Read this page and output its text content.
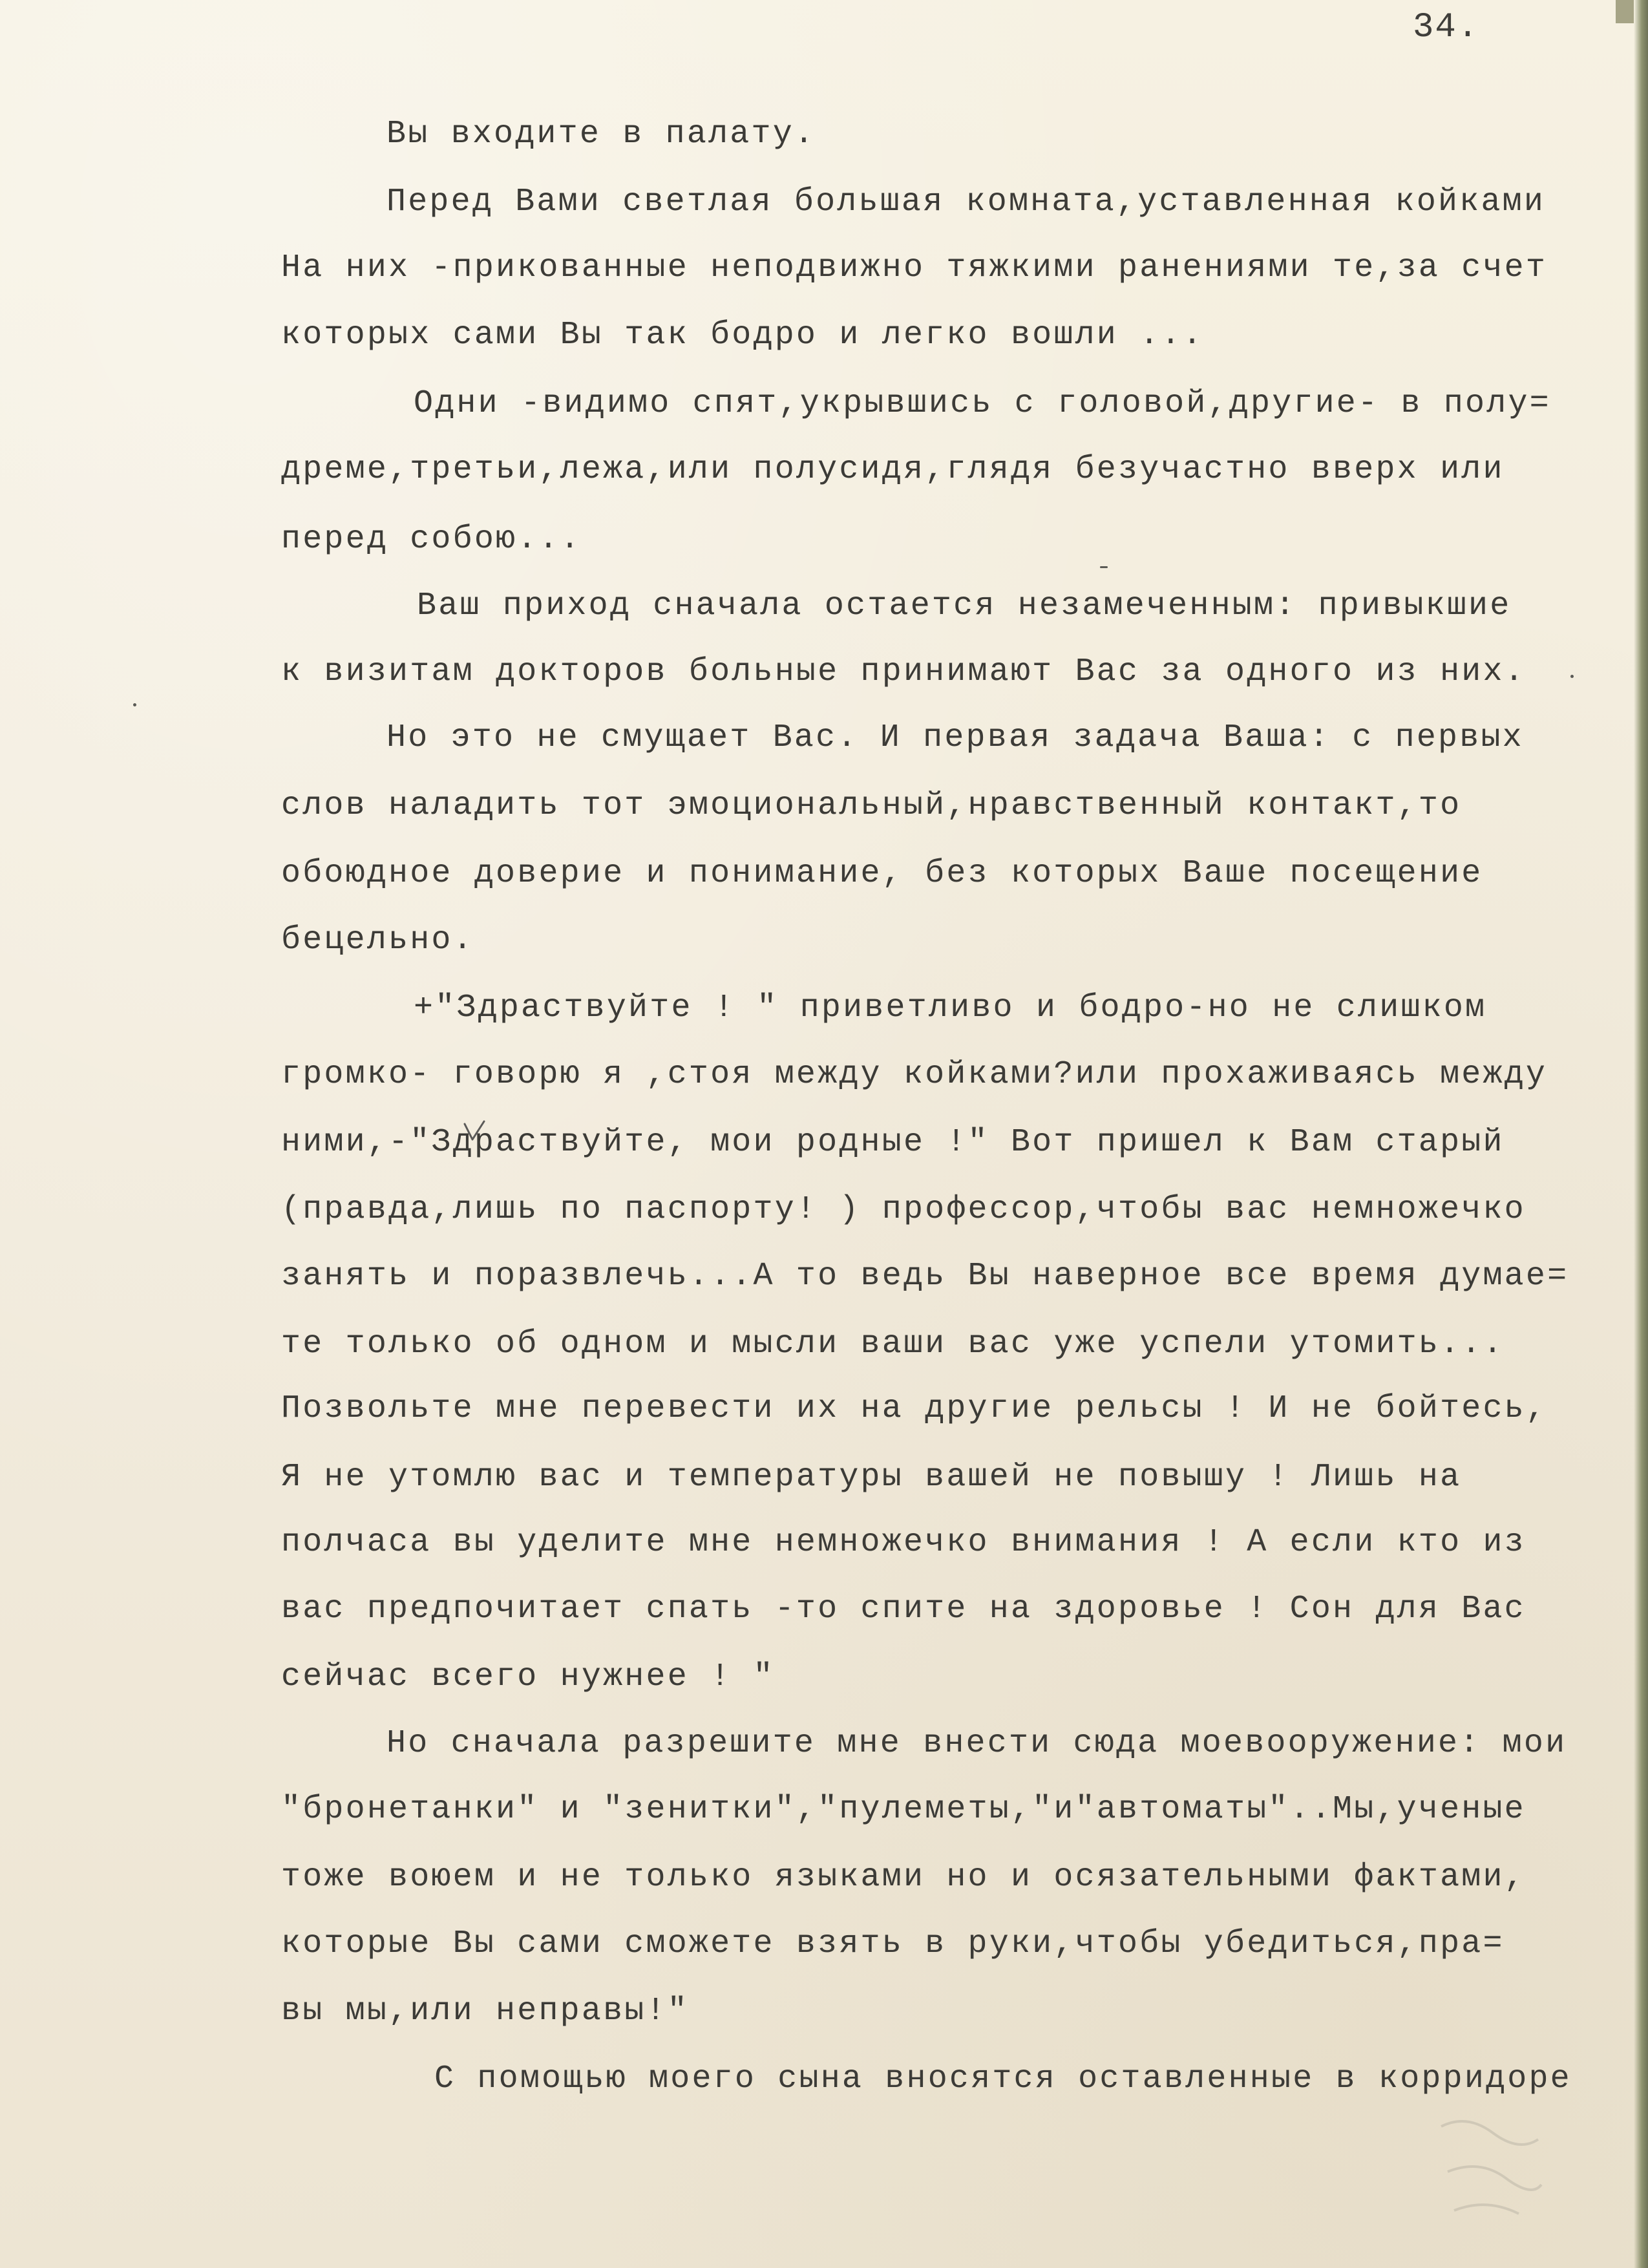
34.
Вы входите в палату.
Перед Вами светлая большая комната,уставленная койками
На них -прикованные неподвижно тяжкими ранениями те,за счет
которых сами Вы так бодро и легко вошли ...
Одни -видимо спят,укрывшись с головой,другие- в полу=
дреме,третьи,лежа,или полусидя,глядя безучастно вверх или
перед собою...
Ваш приход сначала остается незамеченным: привыкшие
к визитам докторов больные принимают Вас за одного из них.
Но это не смущает Вас. И первая задача Ваша: с первых
слов наладить тот эмоциональный,нравственный контакт,то
обоюдное доверие и понимание, без которых Ваше посещение
бецельно.
+"Здраствуйте ! " приветливо и бодро-но не слишком
громко- говорю я ,стоя между койками?или прохаживаясь между
ними,-"Здраствуйте, мои родные !" Вот пришел к Вам старый
(правда,лишь по паспорту! ) профессор,чтобы вас немножечко
занять и поразвлечь...А то ведь Вы наверное все время думае=
те только об одном и мысли ваши вас уже успели утомить...
Позвольте мне перевести их на другие рельсы ! И не бойтесь,
Я не утомлю вас и температуры вашей не повышу ! Лишь на
полчаса вы уделите мне немножечко внимания ! А если кто из
вас предпочитает спать -то спите на здоровье ! Сон для Вас
сейчас всего нужнее ! "
Но сначала разрешите мне внести сюда моевооружение: мои
"бронетанки" и "зенитки","пулеметы,"и"автоматы"..Мы,ученые
тоже воюем и не только языками но и осязательными фактами,
которые Вы сами сможете взять в руки,чтобы убедиться,пра=
вы мы,или неправы!"
С помощью моего сына вносятся оставленные в корридоре
